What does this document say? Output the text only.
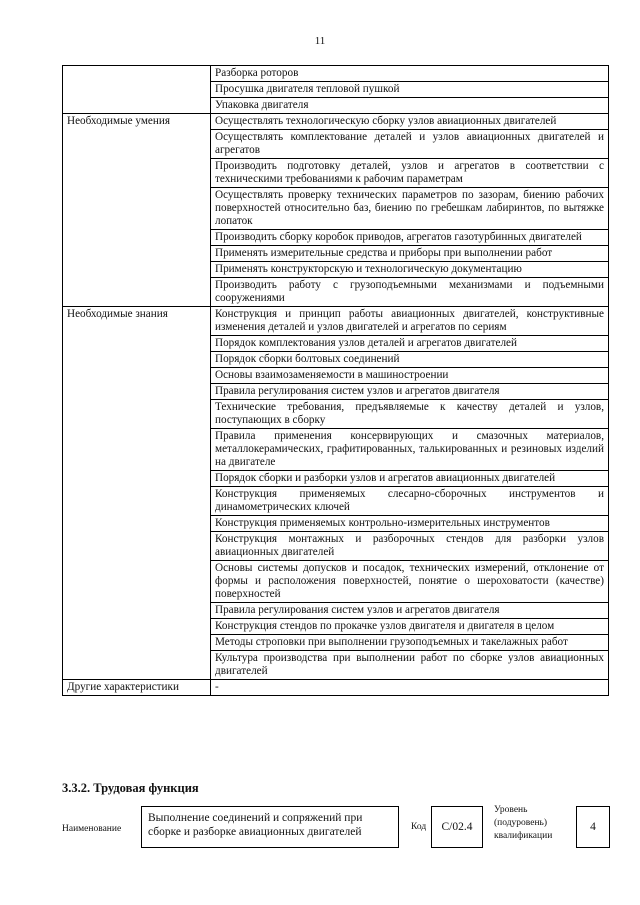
11
	Разборка роторов
	Просушка двигателя тепловой пушкой
	Упаковка двигателя
Необходимые умения	Осуществлять технологическую сборку узлов авиационных двигателей
	Осуществлять комплектование деталей и узлов авиационных двигателей и агрегатов
	Производить подготовку деталей, узлов и агрегатов в соответствии с техническими требованиями к рабочим параметрам
	Осуществлять проверку технических параметров по зазорам, биению рабочих поверхностей относительно баз, биению по гребешкам лабиринтов, по вытяжке лопаток
	Производить сборку коробок приводов, агрегатов газотурбинных двигателей
	Применять измерительные средства и приборы при выполнении работ
	Применять конструкторскую и технологическую документацию
	Производить работу с грузоподъемными механизмами и подъемными сооружениями
Необходимые знания	Конструкция и принцип работы авиационных двигателей, конструктивные изменения деталей и узлов двигателей и агрегатов по сериям
	Порядок комплектования узлов деталей и агрегатов двигателей
	Порядок сборки болтовых соединений
	Основы взаимозаменяемости в машиностроении
	Правила регулирования систем узлов и агрегатов двигателя
	Технические требования, предъявляемые к качеству деталей и узлов, поступающих в сборку
	Правила применения консервирующих и смазочных материалов, металлокерамических, графитированных, талькированных и резиновых изделий на двигателе
	Порядок сборки и разборки узлов и агрегатов авиационных двигателей
	Конструкция применяемых слесарно-сборочных инструментов и динамометрических ключей
	Конструкция применяемых контрольно-измерительных инструментов
	Конструкция монтажных и разборочных стендов для разборки узлов авиационных двигателей
	Основы системы допусков и посадок, технических измерений, отклонение от формы и расположения поверхностей, понятие о шероховатости (качестве) поверхностей
	Правила регулирования систем узлов и агрегатов двигателя
	Конструкция стендов по прокачке узлов двигателя и двигателя в целом
	Методы строповки при выполнении грузоподъемных и такелажных работ
	Культура производства при выполнении работ по сборке узлов авиационных двигателей
Другие характеристики	-
3.3.2. Трудовая функция
Наименование
Выполнение соединений и сопряжений при сборке и разборке авиационных двигателей	Код	C/02.4
Уровень (подуровень) квалификации
4
